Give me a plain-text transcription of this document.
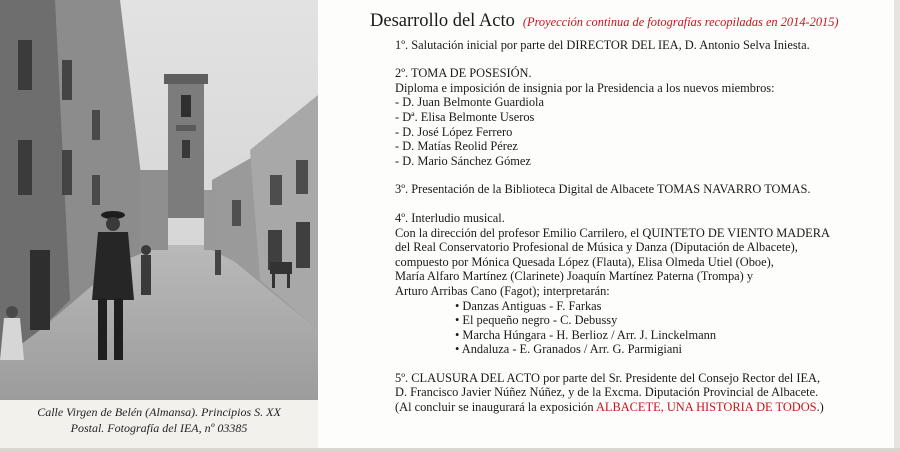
Calle Virgen de Belén (Almansa). Principios S. XX
Postal. Fotografía del IEA, nº 03385
Desarrollo del Acto (Proyección continua de fotografías recopiladas en 2014-2015)
1º. Salutación inicial por parte del DIRECTOR DEL IEA, D. Antonio Selva Iniesta.
2º. TOMA DE POSESIÓN.
Diploma e imposición de insignia por la Presidencia a los nuevos miembros:
- D. Juan Belmonte Guardiola
- Dª. Elisa Belmonte Useros
- D. José López Ferrero
- D. Matías Reolid Pérez
- D. Mario Sánchez Gómez
3º. Presentación de la Biblioteca Digital de Albacete TOMAS NAVARRO TOMAS.
4º. Interludio musical.
Con la dirección del profesor Emilio Carrilero, el QUINTETO DE VIENTO MADERA
del Real Conservatorio Profesional de Música y Danza (Diputación de Albacete),
compuesto por Mónica Quesada López (Flauta), Elisa Olmeda Utiel (Oboe),
María Alfaro Martínez (Clarinete) Joaquín Martínez Paterna (Trompa) y
Arturo Arribas Cano (Fagot); interpretarán:
• Danzas Antiguas - F. Farkas
• El pequeño negro - C. Debussy
• Marcha Húngara - H. Berlioz / Arr. J. Linckelmann
• Andaluza - E. Granados / Arr. G. Parmigiani
5º. CLAUSURA DEL ACTO por parte del Sr. Presidente del Consejo Rector del IEA,
D. Francisco Javier Núñez Núñez, y de la Excma. Diputación Provincial de Albacete.
(Al concluir se inaugurará la exposición ALBACETE, UNA HISTORIA DE TODOS.)
